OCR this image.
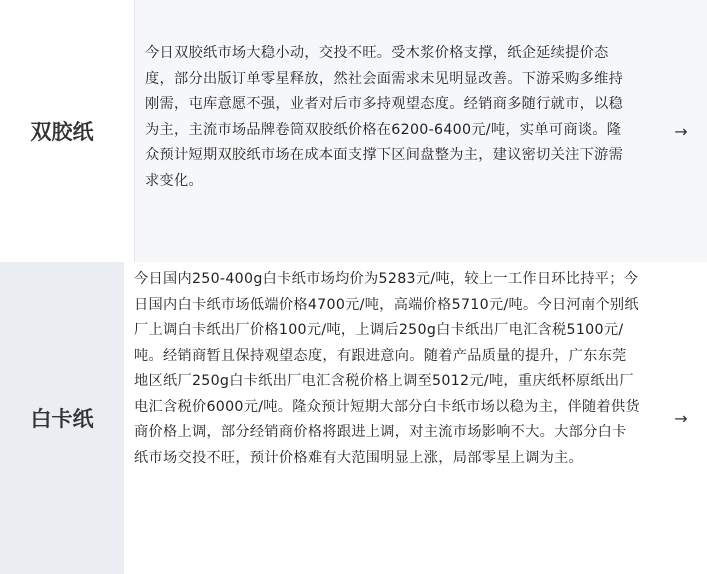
双胶纸
今日双胶纸市场大稳小动，交投不旺。受木浆价格支撑，纸企延续提价态度，部分出版订单零星释放，然社会面需求未见明显改善。下游采购多维持刚需，屯库意愿不强，业者对后市多持观望态度。经销商多随行就市，以稳为主，主流市场品牌卷筒双胶纸价格在6200-6400元/吨，实单可商谈。隆众预计短期双胶纸市场在成本面支撑下区间盘整为主，建议密切关注下游需求变化。
→
白卡纸
今日国内250-400g白卡纸市场均价为5283元/吨，较上一工作日环比持平；今日国内白卡纸市场低端价格4700元/吨，高端价格5710元/吨。今日河南个别纸厂上调白卡纸出厂价格100元/吨，上调后250g白卡纸出厂电汇含税5100元/吨。经销商暂且保持观望态度，有跟进意向。随着产品质量的提升，广东东莞地区纸厂250g白卡纸出厂电汇含税价格上调至5012元/吨，重庆纸杯原纸出厂电汇含税价6000元/吨。隆众预计短期大部分白卡纸市场以稳为主，伴随着供货商价格上调，部分经销商价格将跟进上调，对主流市场影响不大。大部分白卡纸市场交投不旺，预计价格难有大范围明显上涨，局部零星上调为主。
→
